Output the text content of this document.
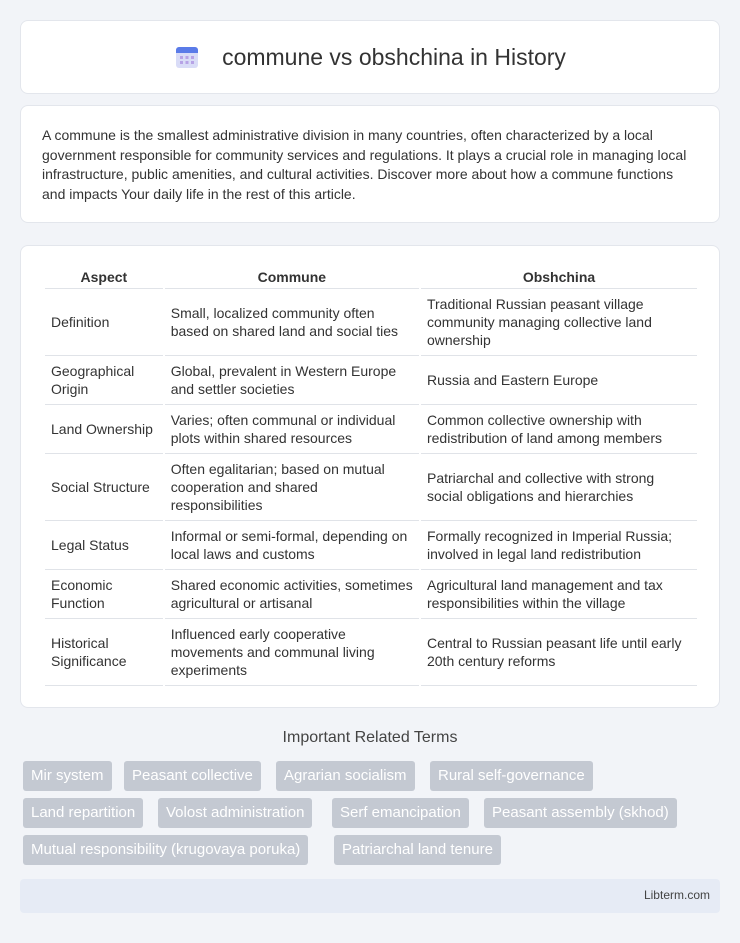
commune vs obshchina in History

A commune is the smallest administrative division in many countries, often characterized by a local government responsible for community services and regulations. It plays a crucial role in managing local infrastructure, public amenities, and cultural activities. Discover more about how a commune functions and impacts Your daily life in the rest of this article.

Aspect	Commune	Obshchina
Definition	Small, localized community often based on shared land and social ties	Traditional Russian peasant village community managing collective land ownership
Geographical Origin	Global, prevalent in Western Europe and settler societies	Russia and Eastern Europe
Land Ownership	Varies; often communal or individual plots within shared resources	Common collective ownership with redistribution of land among members
Social Structure	Often egalitarian; based on mutual cooperation and shared responsibilities	Patriarchal and collective with strong social obligations and hierarchies
Legal Status	Informal or semi-formal, depending on local laws and customs	Formally recognized in Imperial Russia; involved in legal land redistribution
Economic Function	Shared economic activities, sometimes agricultural or artisanal	Agricultural land management and tax responsibilities within the village
Historical Significance	Influenced early cooperative movements and communal living experiments	Central to Russian peasant life until early 20th century reforms
Important Related Terms
Mir system	Peasant collective	Agrarian socialism	Rural self-governance
Land repartition	Volost administration	Serf emancipation	Peasant assembly (skhod)
Mutual responsibility (krugovaya poruka)	Patriarchal land tenure
Libterm.com
